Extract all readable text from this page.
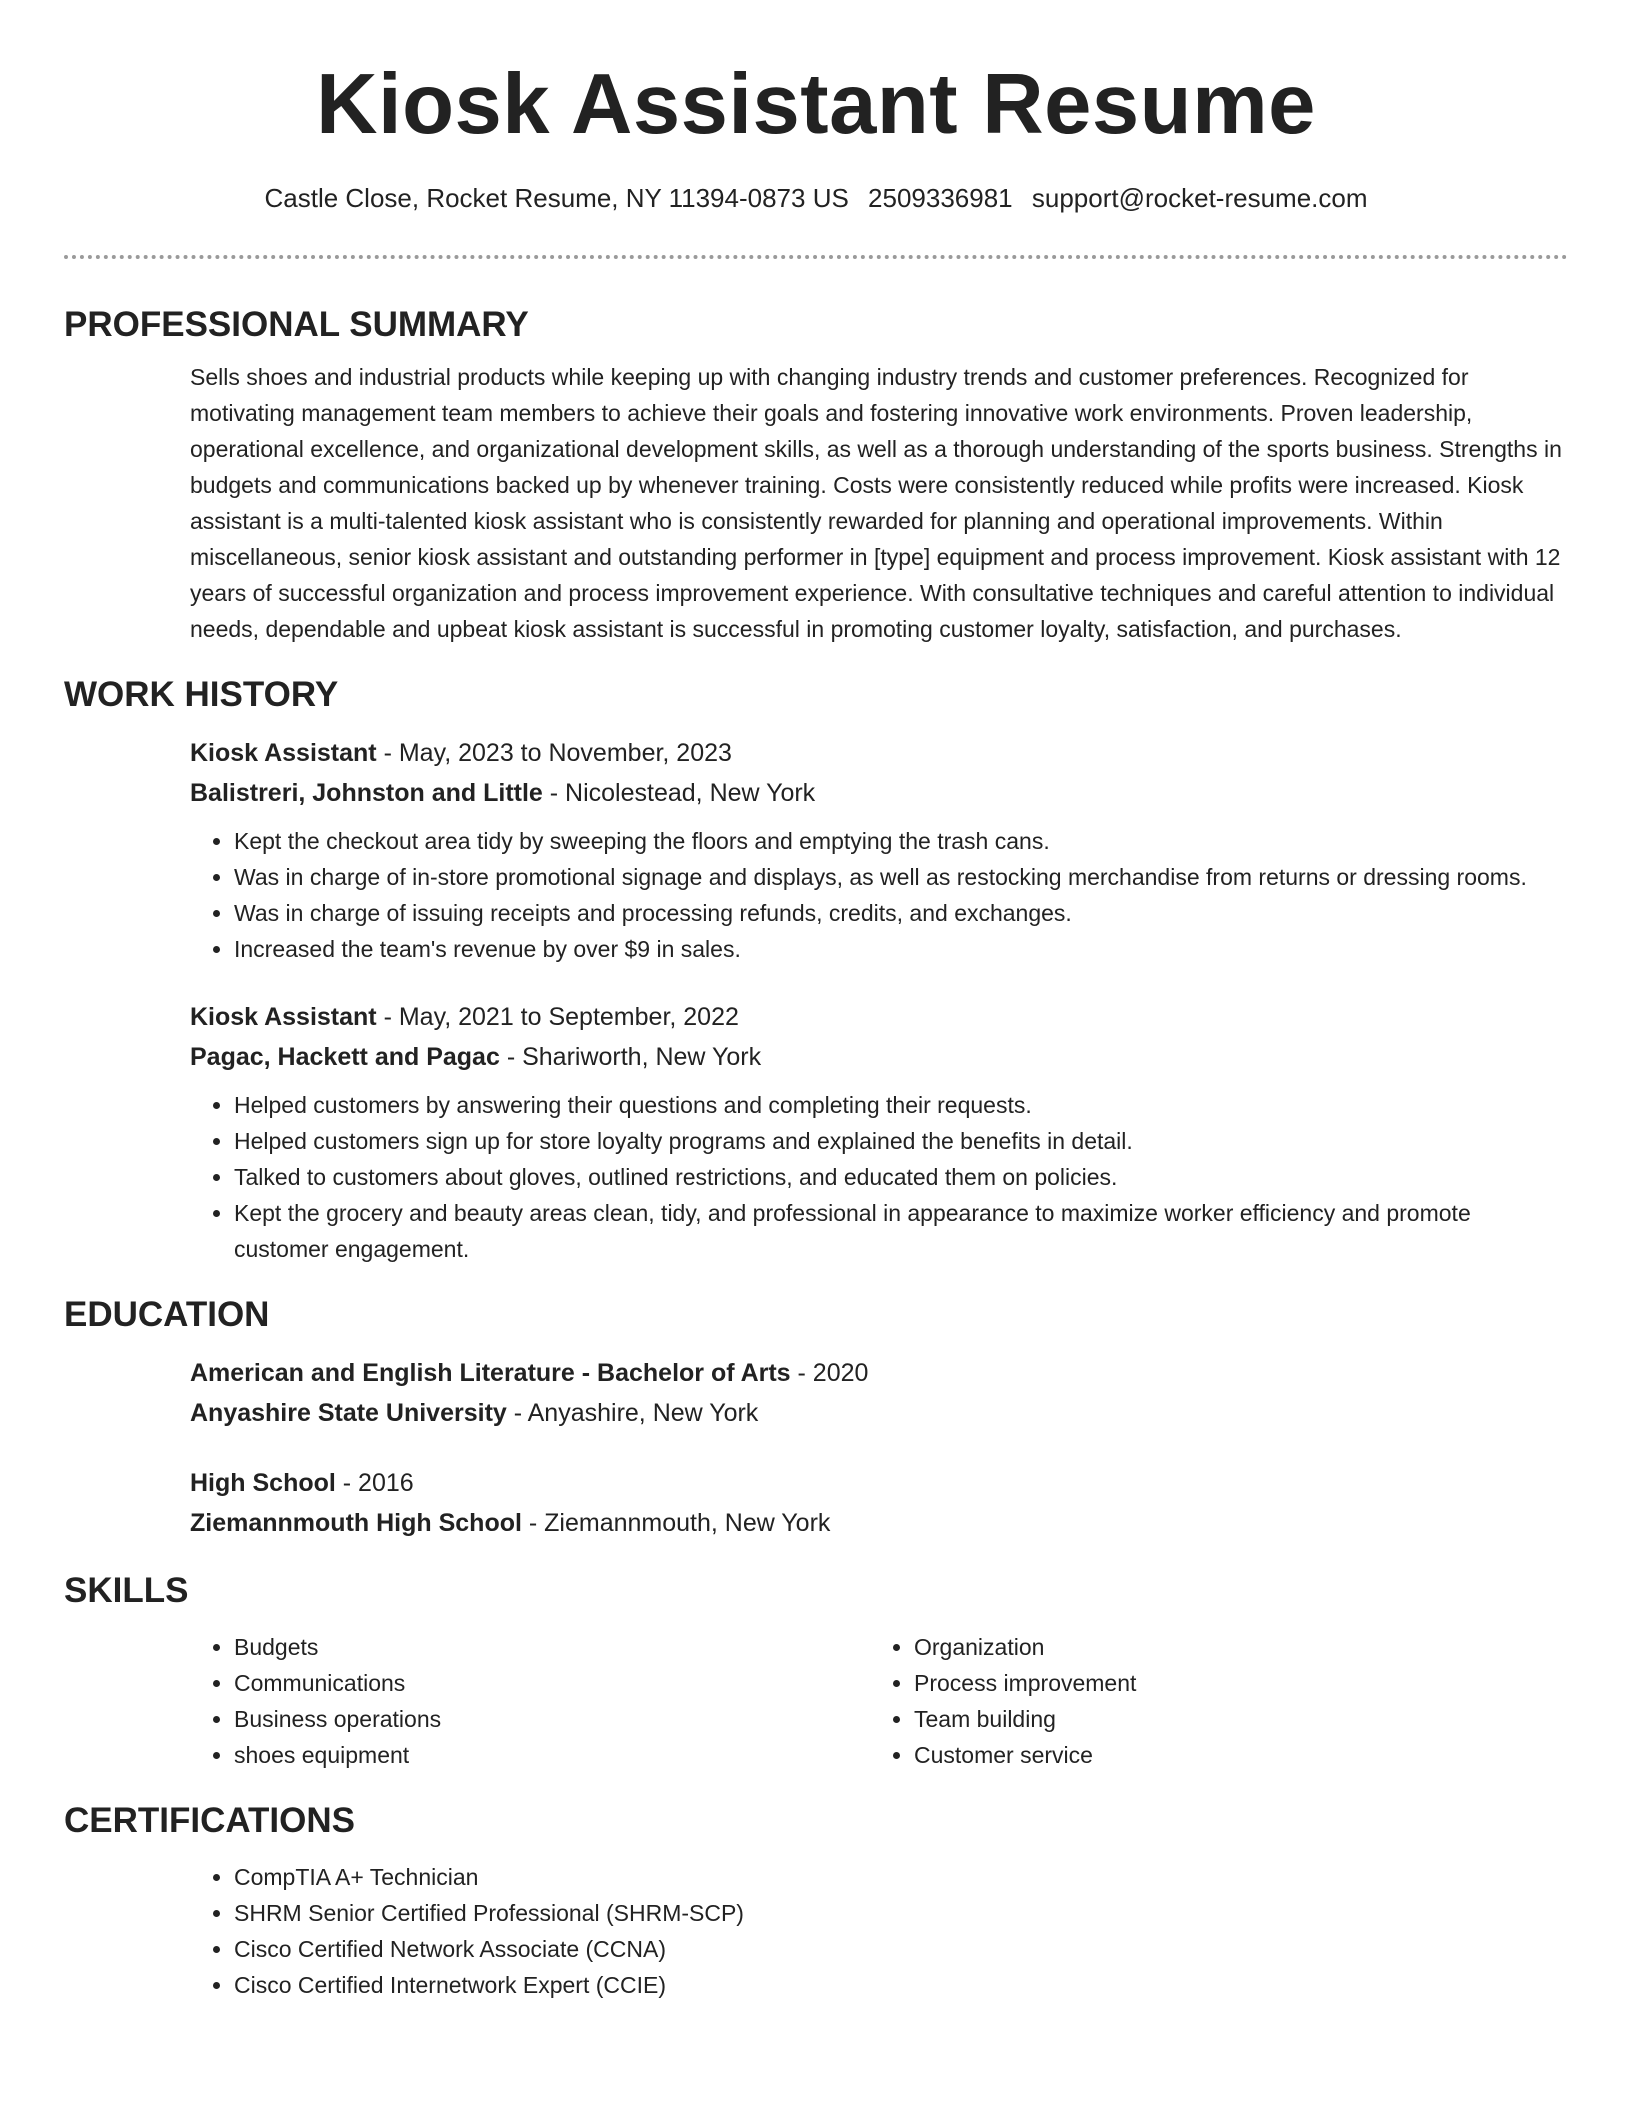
Kiosk Assistant Resume
Castle Close, Rocket Resume, NY 11394-0873 US 2509336981 support@rocket-resume.com
PROFESSIONAL SUMMARY

Sells shoes and industrial products while keeping up with changing industry trends and customer preferences. Recognized for motivating management team members to achieve their goals and fostering innovative work environments. Proven leadership, operational excellence, and organizational development skills, as well as a thorough understanding of the sports business. Strengths in budgets and communications backed up by whenever training. Costs were consistently reduced while profits were increased. Kiosk assistant is a multi-talented kiosk assistant who is consistently rewarded for planning and operational improvements. Within miscellaneous, senior kiosk assistant and outstanding performer in [type] equipment and process improvement. Kiosk assistant with 12 years of successful organization and process improvement experience. With consultative techniques and careful attention to individual needs, dependable and upbeat kiosk assistant is successful in promoting customer loyalty, satisfaction, and purchases.

WORK HISTORY

Kiosk Assistant - May, 2023 to November, 2023

Balistreri, Johnston and Little - Nicolestead, New York

• Kept the checkout area tidy by sweeping the floors and emptying the trash cans.
• Was in charge of in-store promotional signage and displays, as well as restocking merchandise from returns or dressing rooms.
• Was in charge of issuing receipts and processing refunds, credits, and exchanges.
• Increased the team's revenue by over $9 in sales.

Kiosk Assistant - May, 2021 to September, 2022

Pagac, Hackett and Pagac - Shariworth, New York

• Helped customers by answering their questions and completing their requests.
• Helped customers sign up for store loyalty programs and explained the benefits in detail.
• Talked to customers about gloves, outlined restrictions, and educated them on policies.
• Kept the grocery and beauty areas clean, tidy, and professional in appearance to maximize worker efficiency and promote customer engagement.
EDUCATION

American and English Literature - Bachelor of Arts - 2020

Anyashire State University - Anyashire, New York

High School - 2016

Ziemannmouth High School - Ziemannmouth, New York

SKILLS
• Budgets
• Communications
• Business operations
• shoes equipment
• Organization
• Process improvement
• Team building
• Customer service
CERTIFICATIONS
• CompTIA A+ Technician
• SHRM Senior Certified Professional (SHRM-SCP)
• Cisco Certified Network Associate (CCNA)
• Cisco Certified Internetwork Expert (CCIE)
